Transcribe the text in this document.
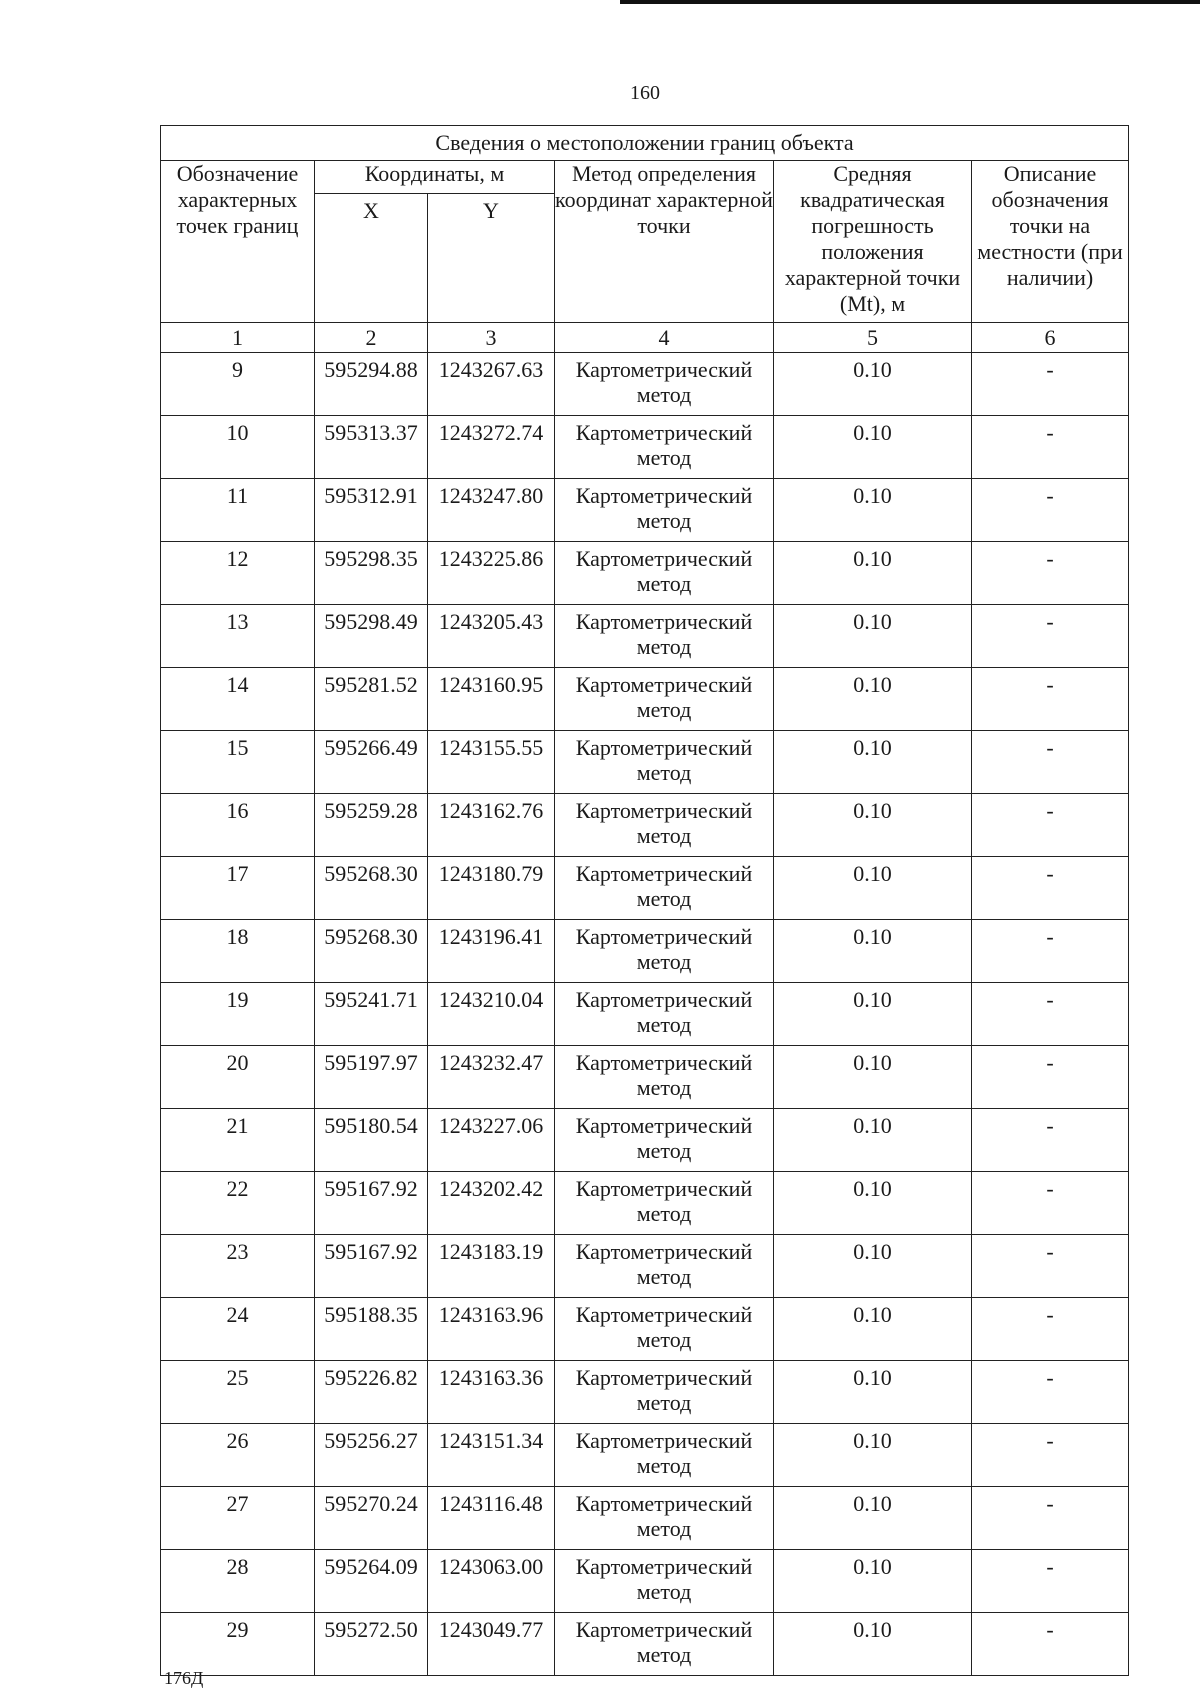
160
Сведения о местоположении границ объекта					
Обозначение характерных точек границ	Координаты, м		Метод определения координат характерной точки	Средняя квадратическая погрешность положения характерной точки (Mt), м	Описание обозначения точки на местности (при наличии)
	X	Y			
1	2	3	4	5	6
9	595294.88	1243267.63	Картометрический метод	0.10	-
10	595313.37	1243272.74	Картометрический метод	0.10	-
11	595312.91	1243247.80	Картометрический метод	0.10	-
12	595298.35	1243225.86	Картометрический метод	0.10	-
13	595298.49	1243205.43	Картометрический метод	0.10	-
14	595281.52	1243160.95	Картометрический метод	0.10	-
15	595266.49	1243155.55	Картометрический метод	0.10	-
16	595259.28	1243162.76	Картометрический метод	0.10	-
17	595268.30	1243180.79	Картометрический метод	0.10	-
18	595268.30	1243196.41	Картометрический метод	0.10	-
19	595241.71	1243210.04	Картометрический метод	0.10	-
20	595197.97	1243232.47	Картометрический метод	0.10	-
21	595180.54	1243227.06	Картометрический метод	0.10	-
22	595167.92	1243202.42	Картометрический метод	0.10	-
23	595167.92	1243183.19	Картометрический метод	0.10	-
24	595188.35	1243163.96	Картометрический метод	0.10	-
25	595226.82	1243163.36	Картометрический метод	0.10	-
26	595256.27	1243151.34	Картометрический метод	0.10	-
27	595270.24	1243116.48	Картометрический метод	0.10	-
28	595264.09	1243063.00	Картометрический метод	0.10	-
29	595272.50	1243049.77	Картометрический метод	0.10	-
176Д
